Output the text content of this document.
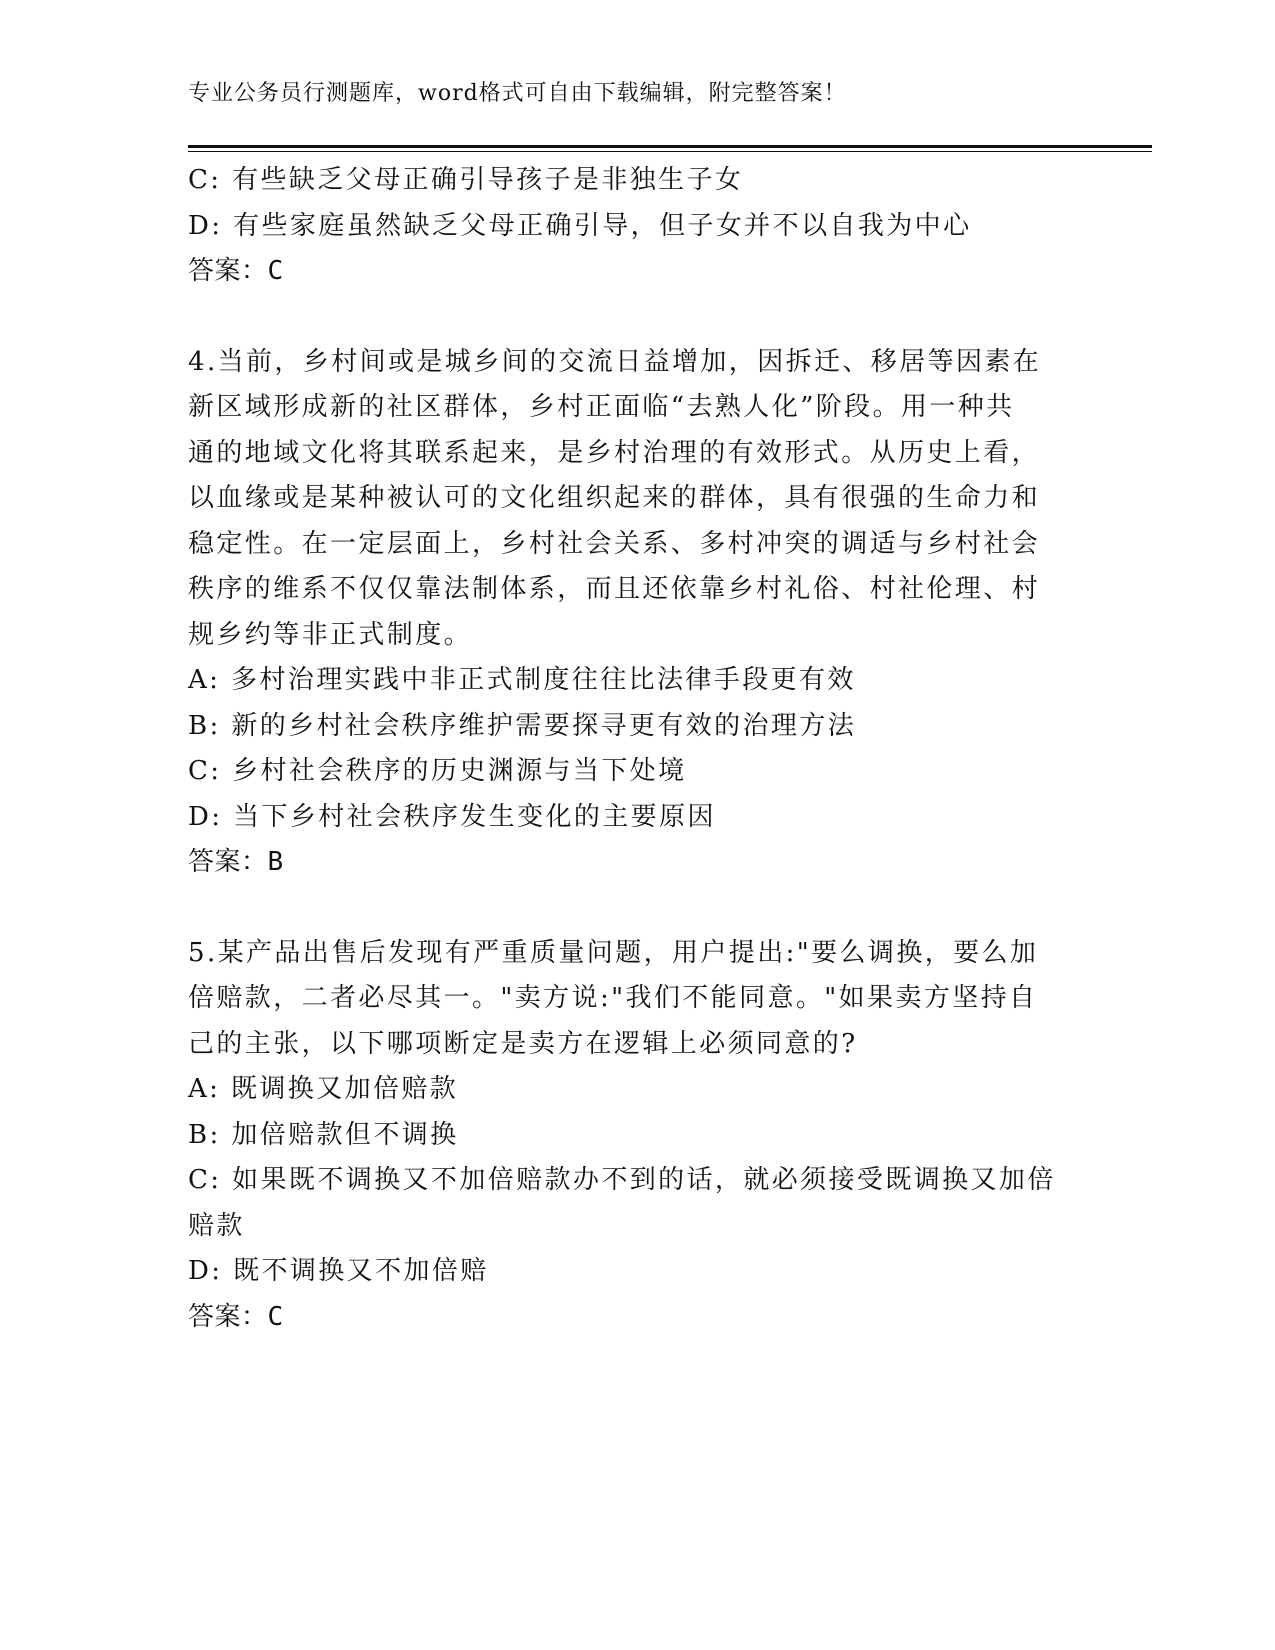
专业公务员行测题库，word格式可自由下载编辑，附完整答案！

C: 有些缺乏父母正确引导孩子是非独生子女

D: 有些家庭虽然缺乏父母正确引导，但子女并不以自我为中心

答案：C

4.当前，乡村间或是城乡间的交流日益增加，因拆迁、移居等因素在

新区域形成新的社区群体，乡村正面临“去熟人化”阶段。用一种共

通的地域文化将其联系起来，是乡村治理的有效形式。从历史上看，

以血缘或是某种被认可的文化组织起来的群体，具有很强的生命力和

稳定性。在一定层面上，乡村社会关系、多村冲突的调适与乡村社会

秩序的维系不仅仅靠法制体系，而且还依靠乡村礼俗、村社伦理、村

规乡约等非正式制度。

A: 多村治理实践中非正式制度往往比法律手段更有效

B: 新的乡村社会秩序维护需要探寻更有效的治理方法

C: 乡村社会秩序的历史渊源与当下处境

D: 当下乡村社会秩序发生变化的主要原因

答案：B

5.某产品出售后发现有严重质量问题，用户提出:"要么调换，要么加

倍赔款，二者必尽其一。"卖方说:"我们不能同意。"如果卖方坚持自

己的主张，以下哪项断定是卖方在逻辑上必须同意的?

A: 既调换又加倍赔款

B: 加倍赔款但不调换

C: 如果既不调换又不加倍赔款办不到的话，就必须接受既调换又加倍

赔款

D: 既不调换又不加倍赔

答案：C
